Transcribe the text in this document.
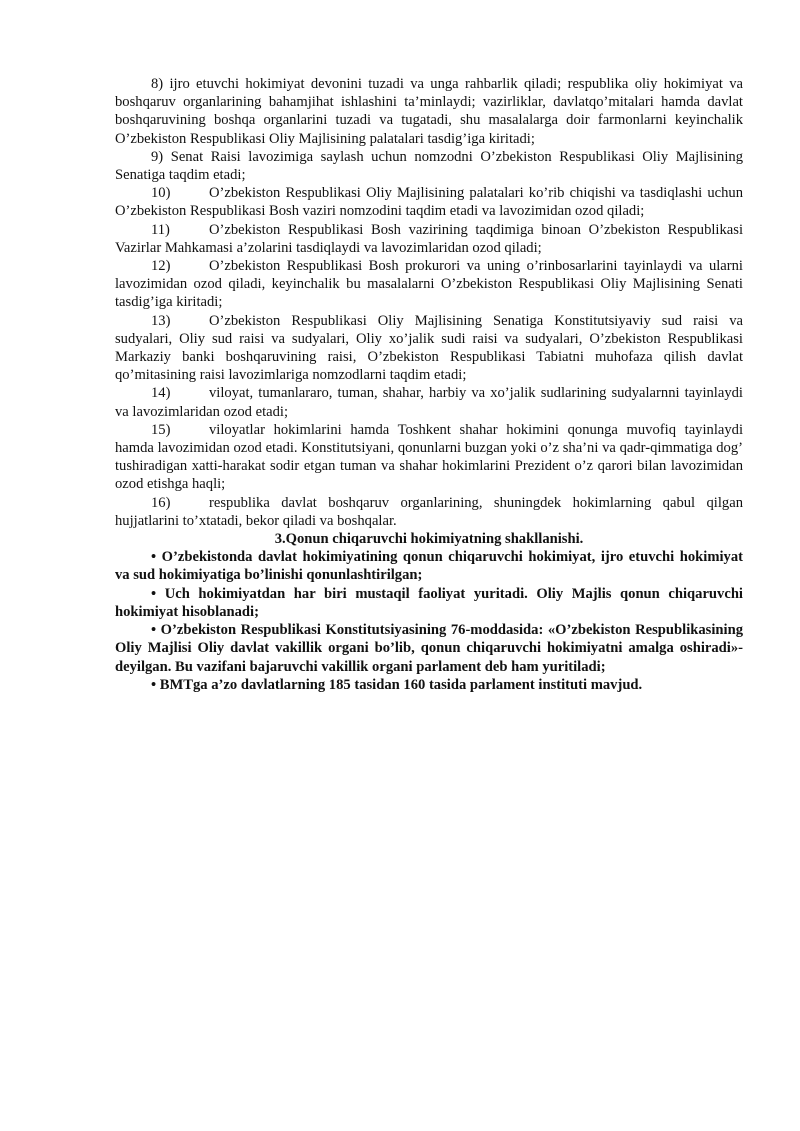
8) ijro etuvchi hokimiyat devonini tuzadi va unga rahbarlik qiladi; respublika oliy hokimiyat va boshqaruv organlarining bahamjihat ishlashini ta’minlaydi; vazirliklar, davlatqo’mitalari hamda davlat boshqaruvining boshqa organlarini tuzadi va tugatadi, shu masalalarga doir farmonlarni keyinchalik O’zbekiston Respublikasi Oliy Majlisining palatalari tasdig’iga kiritadi;

9) Senat Raisi lavozimiga saylash uchun nomzodni O’zbekiston Respublikasi Oliy Majlisining Senatiga taqdim etadi;

10)	O’zbekiston Respublikasi Oliy Majlisining palatalari ko’rib chiqishi va tasdiqlashi uchun O’zbekiston Respublikasi Bosh vaziri nomzodini taqdim etadi va lavozimidan ozod qiladi;

11)	O’zbekiston Respublikasi Bosh vazirining taqdimiga binoan O’zbekiston Respublikasi Vazirlar Mahkamasi a’zolarini tasdiqlaydi va lavozimlaridan ozod qiladi;

12)	O’zbekiston Respublikasi Bosh prokurori va uning o’rinbosarlarini tayinlaydi va ularni lavozimidan ozod qiladi, keyinchalik bu masalalarni O’zbekiston Respublikasi Oliy Majlisining Senati tasdig’iga kiritadi;

13)	O’zbekiston Respublikasi Oliy Majlisining Senatiga Konstitutsiyaviy sud raisi va sudyalari, Oliy sud raisi va sudyalari, Oliy xo’jalik sudi raisi va sudyalari, O’zbekiston Respublikasi Markaziy banki boshqaruvining raisi, O’zbekiston Respublikasi Tabiatni muhofaza qilish davlat qo’mitasining raisi lavozimlariga nomzodlarni taqdim etadi;

14)	viloyat, tumanlararo, tuman, shahar, harbiy va xo’jalik sudlarining sudyalarnni tayinlaydi va lavozimlaridan ozod etadi;

15)	viloyatlar hokimlarini hamda Toshkent shahar hokimini qonunga muvofiq tayinlaydi hamda lavozimidan ozod etadi. Konstitutsiyani, qonunlarni buzgan yoki o’z sha’ni va qadr-qimmatiga dog’ tushiradigan xatti-harakat sodir etgan tuman va shahar hokimlarini Prezident o’z qarori bilan lavozimidan ozod etishga haqli;

16)	respublika davlat boshqaruv organlarining, shuningdek hokimlarning qabul qilgan hujjatlarini to’xtatadi, bekor qiladi va boshqalar.

3.Qonun chiqaruvchi hokimiyatning shakllanishi.

• O’zbekistonda davlat hokimiyatining qonun chiqaruvchi hokimiyat, ijro etuvchi hokimiyat va sud hokimiyatiga bo’linishi qonunlashtirilgan;

• Uch hokimiyatdan har biri mustaqil faoliyat yuritadi. Oliy Majlis qonun chiqaruvchi hokimiyat hisoblanadi;

• O’zbekiston Respublikasi Konstitutsiyasining 76-moddasida: «O’zbekiston Respublikasining Oliy Majlisi Oliy davlat vakillik organi bo’lib, qonun chiqaruvchi hokimiyatni amalga oshiradi»-deyilgan. Bu vazifani bajaruvchi vakillik organi parlament deb ham yuritiladi;

• BMTga a’zo davlatlarning 185 tasidan 160 tasida parlament instituti mavjud.
